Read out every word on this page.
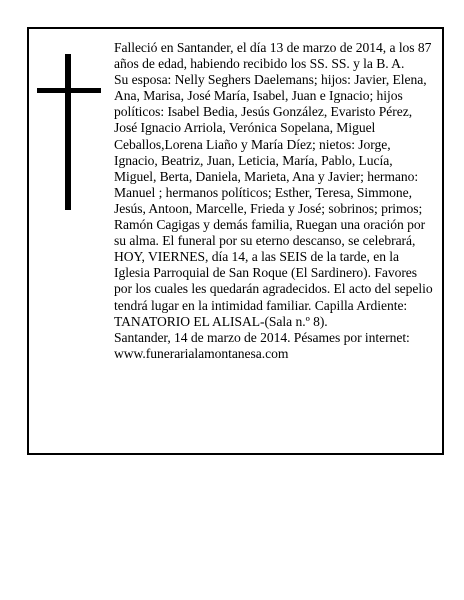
Falleció en Santander, el día 13 de marzo de 2014, a los 87 años de edad, habiendo recibido los SS. SS. y la B. A.

Su esposa: Nelly Seghers Daelemans; hijos: Javier, Elena, Ana, Marisa, José María, Isabel, Juan e Ignacio; hijos políticos: Isabel Bedia, Jesús González, Evaristo Pérez, José Ignacio Arriola, Verónica Sopelana, Miguel Ceballos,Lorena Liaño y María Díez; nietos: Jorge, Ignacio, Beatriz, Juan, Leticia, María, Pablo, Lucía, Miguel, Berta, Daniela, Marieta, Ana y Javier; hermano: Manuel ; hermanos políticos; Esther, Teresa, Simmone, Jesús, Antoon, Marcelle, Frieda y José; sobrinos; primos; Ramón Cagigas y demás familia, Ruegan una oración por su alma. El funeral por su eterno descanso, se celebrará, HOY, VIERNES, día 14, a las SEIS de la tarde, en la Iglesia Parroquial de San Roque (El Sardinero). Favores por los cuales les quedarán agradecidos. El acto del sepelio tendrá lugar en la intimidad familiar. Capilla Ardiente: TANATORIO EL ALISAL-(Sala n.º 8).

Santander, 14 de marzo de 2014. Pésames por internet: www.funerarialamontanesa.com
